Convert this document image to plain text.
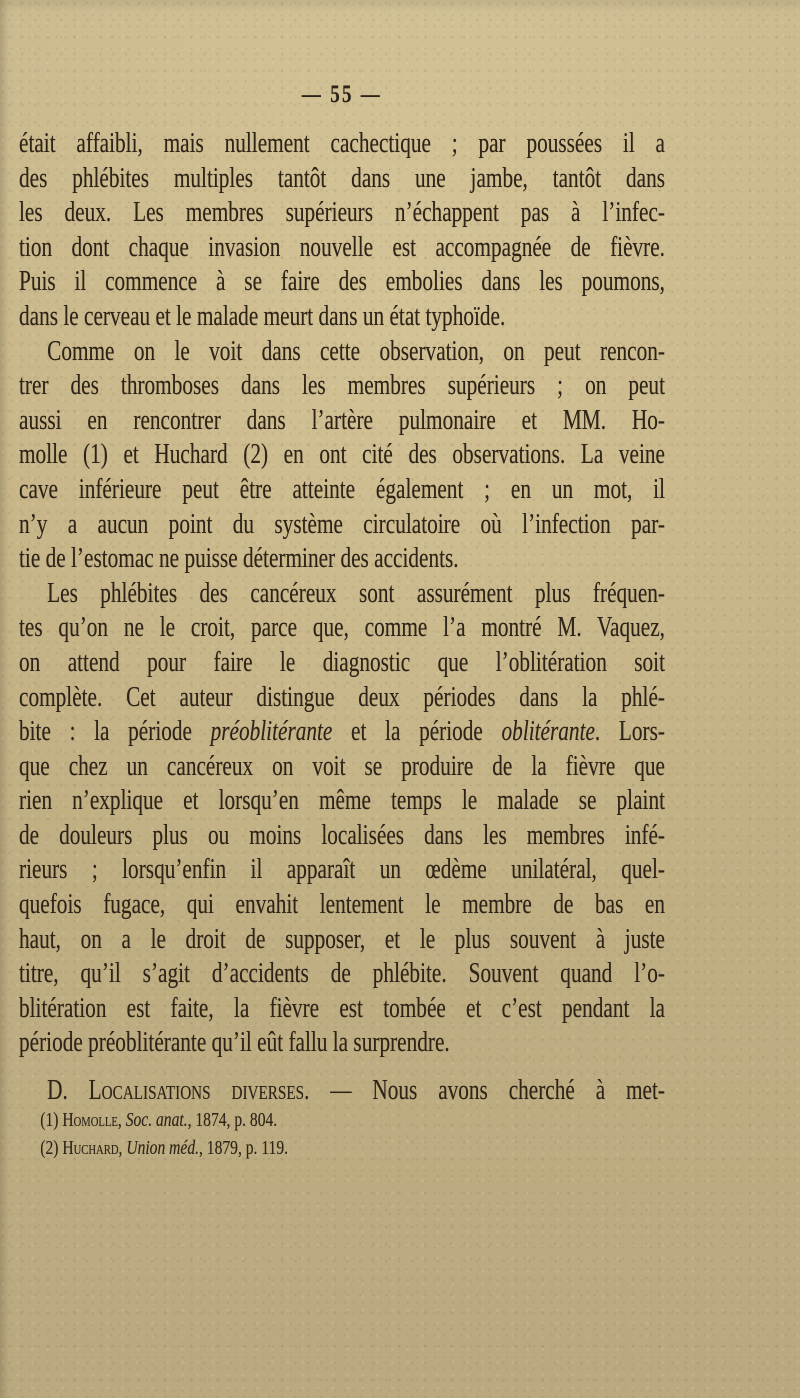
— 55 —
était affaibli, mais nullement cachectique ; par poussées il a
des phlébites multiples tantôt dans une jambe, tantôt dans
les deux. Les membres supérieurs n’échappent pas à l’infec-
tion dont chaque invasion nouvelle est accompagnée de fièvre.
Puis il commence à se faire des embolies dans les poumons,
dans le cerveau et le malade meurt dans un état typhoïde.
Comme on le voit dans cette observation, on peut rencon-
trer des thromboses dans les membres supérieurs ; on peut
aussi en rencontrer dans l’artère pulmonaire et MM. Ho-
molle (1) et Huchard (2) en ont cité des observations. La veine
cave inférieure peut être atteinte également ; en un mot, il
n’y a aucun point du système circulatoire où l’infection par-
tie de l’estomac ne puisse déterminer des accidents.
Les phlébites des cancéreux sont assurément plus fréquen-
tes qu’on ne le croit, parce que, comme l’a montré M. Vaquez,
on attend pour faire le diagnostic que l’oblitération soit
complète. Cet auteur distingue deux périodes dans la phlé-
bite : la période préoblitérante et la période oblitérante. Lors-
que chez un cancéreux on voit se produire de la fièvre que
rien n’explique et lorsqu’en même temps le malade se plaint
de douleurs plus ou moins localisées dans les membres infé-
rieurs ; lorsqu’enfin il apparaît un œdème unilatéral, quel-
quefois fugace, qui envahit lentement le membre de bas en
haut, on a le droit de supposer, et le plus souvent à juste
titre, qu’il s’agit d’accidents de phlébite. Souvent quand l’o-
blitération est faite, la fièvre est tombée et c’est pendant la
période préoblitérante qu’il eût fallu la surprendre.
D. Localisations diverses. — Nous avons cherché à met-
(1) Homolle, Soc. anat., 1874, p. 804.
(2) Huchard, Union méd., 1879, p. 119.
